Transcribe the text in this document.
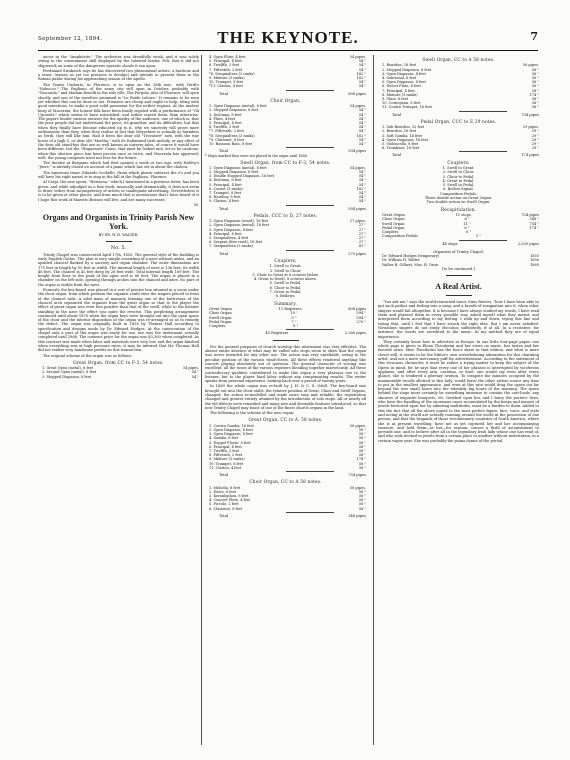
September 12, 1894.	THE KEYNOTE.	7

ances in the "Amphitrite." The orchestra was dreadfully weak, and it was solely owing to the consummate skill displayed by the talented leader, Poli, that it did not shipwreck on some of the dangerous operatic shoals it ran upon.

Ferdinand Strakosch says he has discovered two phenomenal artists, a baritone and a tenor, (names as yet too precious to divulge) and intends to present them to the Roman public during his approaching season at the Apollo.

The Teatro Umberto, in Florence, is to open on the 28th inst., with Verdi's "Nabucco." The Pagliano of the same city will open in October, probably with "Gioconda," and Madam Bonelli in the title rôle. The Pergola, also of Florence, will open shortly, and one of the novelties promised is "Le Roide Lahore." It remains to be seen yet whether this can be done or not. Promises are cheap and ought to help, along with good intentions, to make a good solid pavement for the nether regions. At the modest burg of Macerata, the honest folk have been busily regaled with a performance of "Gli Ugonotti," which seems to have astonished, and rather scared them, than otherwise. The papers tender various excuses for the apathy of the audience, one of which is, that the poor people did not understand the piece, its grandeur, and its difficulties, but that when they finally have become educated up to it, why we sincerely will prove more enthusiastic than they, when they realize at last that Meyerbeer is actually as harmless as Verdi, they will like him. Had it been the dear old "Trovatore" now, with the war horse of a high C, or dear old "Martha," with its Italianized Irish melody, or any other of the dear old stand-bys that are so well known as nursery tales, of course it would have been different, but the "Huguenots" Come, that must be looked into, let us be cautious; when this obscure piece has been proven once or twice, and Macerata has approved, well, the young composer need not fear for the future.

The theatre at Bergamo which had first opened a week or two ago, with Halévy's "Juive," is already closed on account of a panic which has set in about the cholera.

The American tenor, Eduardo Scobelle, (from which please subtract the e's and you will have his right name) is to sing in the fall at the Pagliano, Florence.

Al Carpi, the new opera, "Hermosa," which I mentioned in a previous letter, has been given, and while adjudged as a fine work, musically and dramatically, it does not seem to draw, either from incompetency of artists or inadequate advertising. Nevertheless it is to be given at other places, and from much that is meritorious that I have heard of it I hope this work of Maestro Bruneo will live, and see many successes.

M.
Organs and Organists in Trinity Parish New York.
BY DR. W. H. WALTER.
No. 5.

Trinity Chapel was consecrated April 17th, 1855. The general style of the building is early English Gothic. The plan is very simple consisting of a nave without aisles, and an apsided chancel flanked by a sacristy and organ chamber. The outer dimensions are 175 feet in length by 50 feet in width. The internal length of nave is 136 feet; its width 48 feet. The chancel is 42 feet deep by 28 feet wide. Total internal length 169 feet. The height from floor to the peak of the open roof is 80 feet. The organ is placed in a chamber on the left side, opening through arches into the chancel and nave. No part of the organ is visible from the nave.

Formerly the key-board was placed in a sort of private box situated in a room under the choir organ, from which position the organist could view the singers placed in front of the chancel rails. A solid mass of masonry forming one of the buttresses of the chancel arch separated the organist from the great organ so that to the player the effect of great organ was even less positive than that of the swell, while to the listener standing in the nave the effect was quite the reverse. This perplexing arrangement continued until about 1870 when the organ keys were brought out into the open space of the choir and the interior disposition of the organ was re-arranged so as to remedy the defect. The organ was originally built in 1855 by Thomas Hall according to specification and designs made by Dr. Edward Hodges. At the consecration of the chapel only a part of the organ was ready for use, nor was the instrument actually completed until 1868. The contract price for the organ was $3,300 when completed. As this contract was made when labor and materials were very low, and the organ finished when everything was at high pressure rates, it may be inferred that Mr. Thomas Hall did not realize very handsome profits on this transaction.

The original scheme of the organ was as follows:

Great Organ, from CC to F-3, 54 notes.
1. Great Open (metal), 8 feet	54 pipes.
2. Second Open (metal), 8 feet	54 "
3. Stopped Diapason, 8 feet	54 "
4. Open Flute, 4 feet	54 pipes.
5. Principal, 4 feet	54 "
6. Twelfth, 3 feet	54 "
7. Fifteenth, 2 feet	54 "
*8. Sesquialtera (3 ranks)	162 "
9. Mixture (3 ranks)	162 "
10. Trumpet, 8 feet	54 "
*11. Clarion, 4 feet	54 "
Total	808 pipes
Choir Organ.
1. Open Diapason (metal), 8 feet	54 pipes.
2. Stopped Diapason, 8 feet	54 "
3. Dulciana, 8 feet	54 "
4. Flute, 4 feet	54 "
5. Principal, 4 feet	54 "
6. Twelfth, 3 feet	54 "
*7. Fifteenth, 2 feet	54 "
*8. Sesquialtera (3 ranks)	162 "
*9. Clarionet, 8 feet	54 "
10. Bassoon Bass, 8 feet	54 "
Total	594 pipes
* Stops marked thus were not placed in the organ until 1868.
Swell Organ, from CC to F-3, 54 notes.
1. Open Diapason (metal), 8 feet	54 pipes.
2. Stopped Diapason, 8 feet	54 "
3. Double Stopped Diapason, 16 feet	54 "
4. Dulciana, 8 feet	54 "
5. Principal, 4 feet	54 "
6. Cornet (3 ranks)	162 "
7. Trumpet, 8 feet	54 "
8. Hautboy, 8 feet	54 "
9. Clarion, 4 feet	54 "
Total	594 pipes
Pedals, CCC to D, 27 notes.
1. Open Diapason (wood), 16 feet	27 pipes.
2. Open Diapason (metal), 16 feet	27 "
3. Open Diapason, 8 feet	27 "
4. Principal, 8 feet	27 "
5. Sesquialtera, 4 feet	27 "
6. Serpent (free reed), 16 feet	27 "
7. Sesquialtera (3 ranks)	81 "
Total	270 pipes
Couplers.
1. Swell to Great.
2. Swell to Choir.
3. Choir to Great at 8 octaves below.
4. Great to Swell, 8 octaves above.
5. Swell to Pedal.
6. Choir to Pedal.
7. Great to Pedal.
8. Bellows.
Summary.
Great Organ	11 Registers	808 pipes
Choir Organ	10 "	594 "
Swell Organ	9 "	594 "
Pedal Organ	7 "	270 "
Couplers	8 "
45 Registers	2,266 pipes

For the general purposes of church worship this instrument was very effective. The almost entire absence of what may be called solo stops seem to show that the organ was never intended for any other use. The action was very unreliable, owing to the peculiar position of the various wind-chests. All these effects rendered anything like concert playing absolutely out of question. The general character of voicing was excellent, all the tones of the various registers blending together marvelously. All these contradictory qualities contributed to make this organ a very pleasant one to the listener, but to the player hard labor without any compensating results. The writer speaks from personal experience, looking back over a period of twenty years.

In 1889 the whole organ was re-built by J. H. & C. S. Odell. The key-board was brought out into the choir-stalls, the relative position of Great, Choir and Swell Organs, changed, the action re-modelled and made more easy and reliable, the registration changed and greater variety attained by the introduction of solo stops. All or nearly all the old defects were remedied and many new and desirable features introduced, so that now Trinity Chapel may boast of one of the finest church organs in the land.

The following is the scheme of the new organ:

Great Organ, CC to A, 58 notes.
1. Contra Gamba, 16 feet	58 pipes.
2. Open Diapason, 8 feet	58 "
3. Open Diapason, 8 feet	58 "
4. Gamba, 8 feet	58 "
5. Doppel Floete, 8 feet	58 "
6. Principal, 4 feet	58 "
7. Twelfth, 3 feet	58 "
8. Fifteenth, 2 feet	58 "
9. Mixture (3 ranks)	174 "
10. Trumpet, 8 feet	58 "
11. Clarion, 4 feet	58 "
Total	754 pipes
Choir Organ, CC to A 58 notes.
1. Melodia, 8 feet	58 pipes.
2. Dulce, 8 feet	58 "
3. Keraulophon, 8 feet	58 "
4. Concert Flute, 4 feet	58 "
5. Piccolo, 2 feet	58 "
6. Clarionet, 8 feet	58 "
Total	348 pipes
Swell Organ, CC to A 58 notes.
1. Bourdon, 16 feet	58 pipes.
2. Stopped Diapason, 8 feet	58 "
3. Open Diapason, 8 feet	58 "
4. Salicional, 8 feet	58 "
5. Open Diapason, 8 feet	58 "
6. Dulcet Flute, 4 feet	58 "
7. Principal, 4 feet	58 "
8. Mixture (3 ranks)	174 "
9. Oboe, 8 feet	58 "
10. Cornopean, 8 feet	58 "
11. Contra Trumpet, 16 feet	58 "
Total	754 pipes
Pedal Organ, CCC to E 29 notes.
1. Sub Bourdon, 32 feet	29 pipes.
2. Bourdon, 16 feet	29 "
3. Soft Gamba, 16 feet	29 "
4. Open Diapason, 16 feet	29 "
5. Violoncello, 8 feet	29 "
6. Trombone, 16 feet	29 "
Total	174 pipes
Couplers.
1. Swell to Great.
2. Swell to Choir.
3. Choir to Pedal.
4. Great to Pedal.
5. Swell to Pedal.
6. Bellow Signal.
Composition Pedals.
Three double action on Great Organ.
Two double action on Swell Organ.
Recapitulation.
Great Organ	11 stops	754 pipes
Choir Organ	6 "	348 "
Swell Organ	11 "	754 "
Pedal Organ	6 "	174 "
Couplers	6 "
Composition Pedals	5 "
44 stops	2,030 pipes
Organists of Trinity Chapel.
Dr. Edward Hodges (temporary)	1855
Dr. William H. Walter	1856
Walter B. Gilbert, Mus. B. Oxon	1869
[to be continued.]
A Real Artist.

"You ask me," says the world-renowned tenor, Sims Reeves, "how I have been able to put such pathos and feeling into a song, and a breath of resignation into it, when other singers would fail altogether. It is because I have always studied my words, I have read them and phrased them in every possible way, asked myself what they meant, and interpreted them according to my feeling. I walk up and down, trying this line and trying that, until I feel that I have struck the right idea. But I am never satisfied. Nowadays singers do not study elocution sufficiently, if at all. In a recitative, for instance, the words are sacrificed to the music. In my method they are of equal importance.

They certainly know how to advertise in Europe. In one little four-page paper, one whole page is given to Elena Theodorini and her views on music, her tastes and her favorite arias. Miss Theodorini has the lion's share in that edition, and what is more clever still, it seems to be the Editor's own overwhelming admiration for this charming artist, and not a mere mercenary puff for advertisement. According to the statement of this vivacious chronicler, it must be rather a trying matter to keep the subject of the Opera in mind, for he says that every one of her phrases is interrupted by vociferous applause, and after every aria, cavatina, or duet, one would say even after every glance, she is tendered a phrenzy ovation. To compute the minutes occupied by the innumerable recalls allotted to this lady, would leave the other artists scarce any time to put in the smallest appearance, and even at this rate would drag the opera out far beyond the wee small hours into the tolerably big hours of the morning. The space behind the stage must certainly be something immense to contain the cart-loads, any showers of exquisite bouquets, etc, lavished upon her, and I fancy the porters' lives, who have the handling of the enormous cases accumulated by the heaps and masses of jewels bestowed upon her by admiring multitudes, must be a burden to them. Added to this the fact that all the above joined to the most perfect figure, face, voice, and style and acting in the world are actually roaming around the world in the possession of one person, and that the brigands of those revolutionary countries of South America, where she is at present travelling, have not as yet captured her and her accompanying treasure, and held them—or her—for ransom, causes a thrill of astonishment to pervade one, and to believe after all in the legendary Irish lady whose one has read of, and who rode decked in jewels from a certain place to another without molestation, in a certain vague year. She was probably the prima donna of the period.
